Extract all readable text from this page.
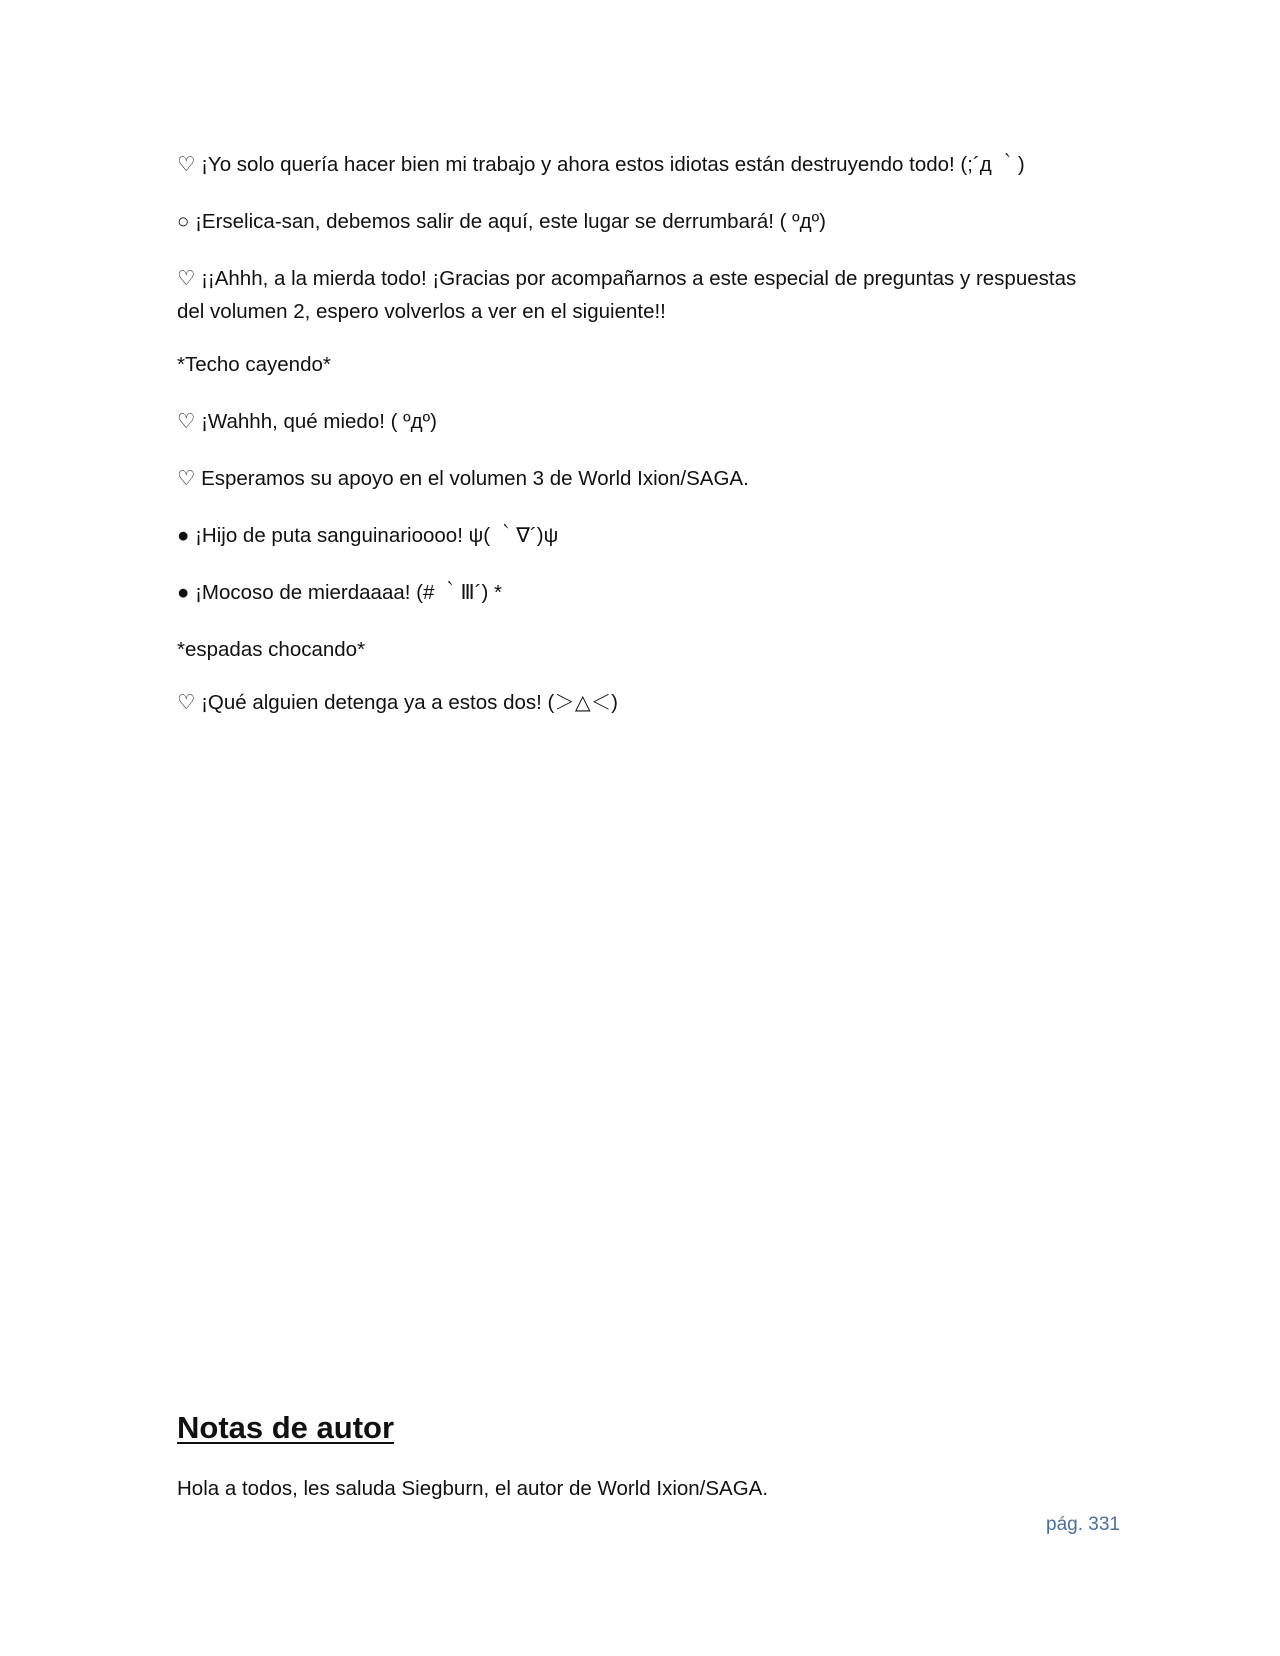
♡ ¡Yo solo quería hacer bien mi trabajo y ahora estos idiotas están destruyendo todo! (;´д ｀)

○ ¡Erselica-san, debemos salir de aquí, este lugar se derrumbará! ( ºдº)

♡ ¡¡Ahhh, a la mierda todo! ¡Gracias por acompañarnos a este especial de preguntas y respuestas del volumen 2, espero volverlos a ver en el siguiente!!

*Techo cayendo*

♡ ¡Wahhh, qué miedo! ( ºдº)

♡ Esperamos su apoyo en el volumen 3 de World Ixion/SAGA.

● ¡Hijo de puta sanguinarioooo! ψ( ｀∇´)ψ

● ¡Mocoso de mierdaaaa! (# ｀Ⅲ´) *

*espadas chocando*

♡ ¡Qué alguien detenga ya a estos dos! (＞△＜)

Notas de autor

Hola a todos, les saluda Siegburn, el autor de World Ixion/SAGA.

pág. 331
